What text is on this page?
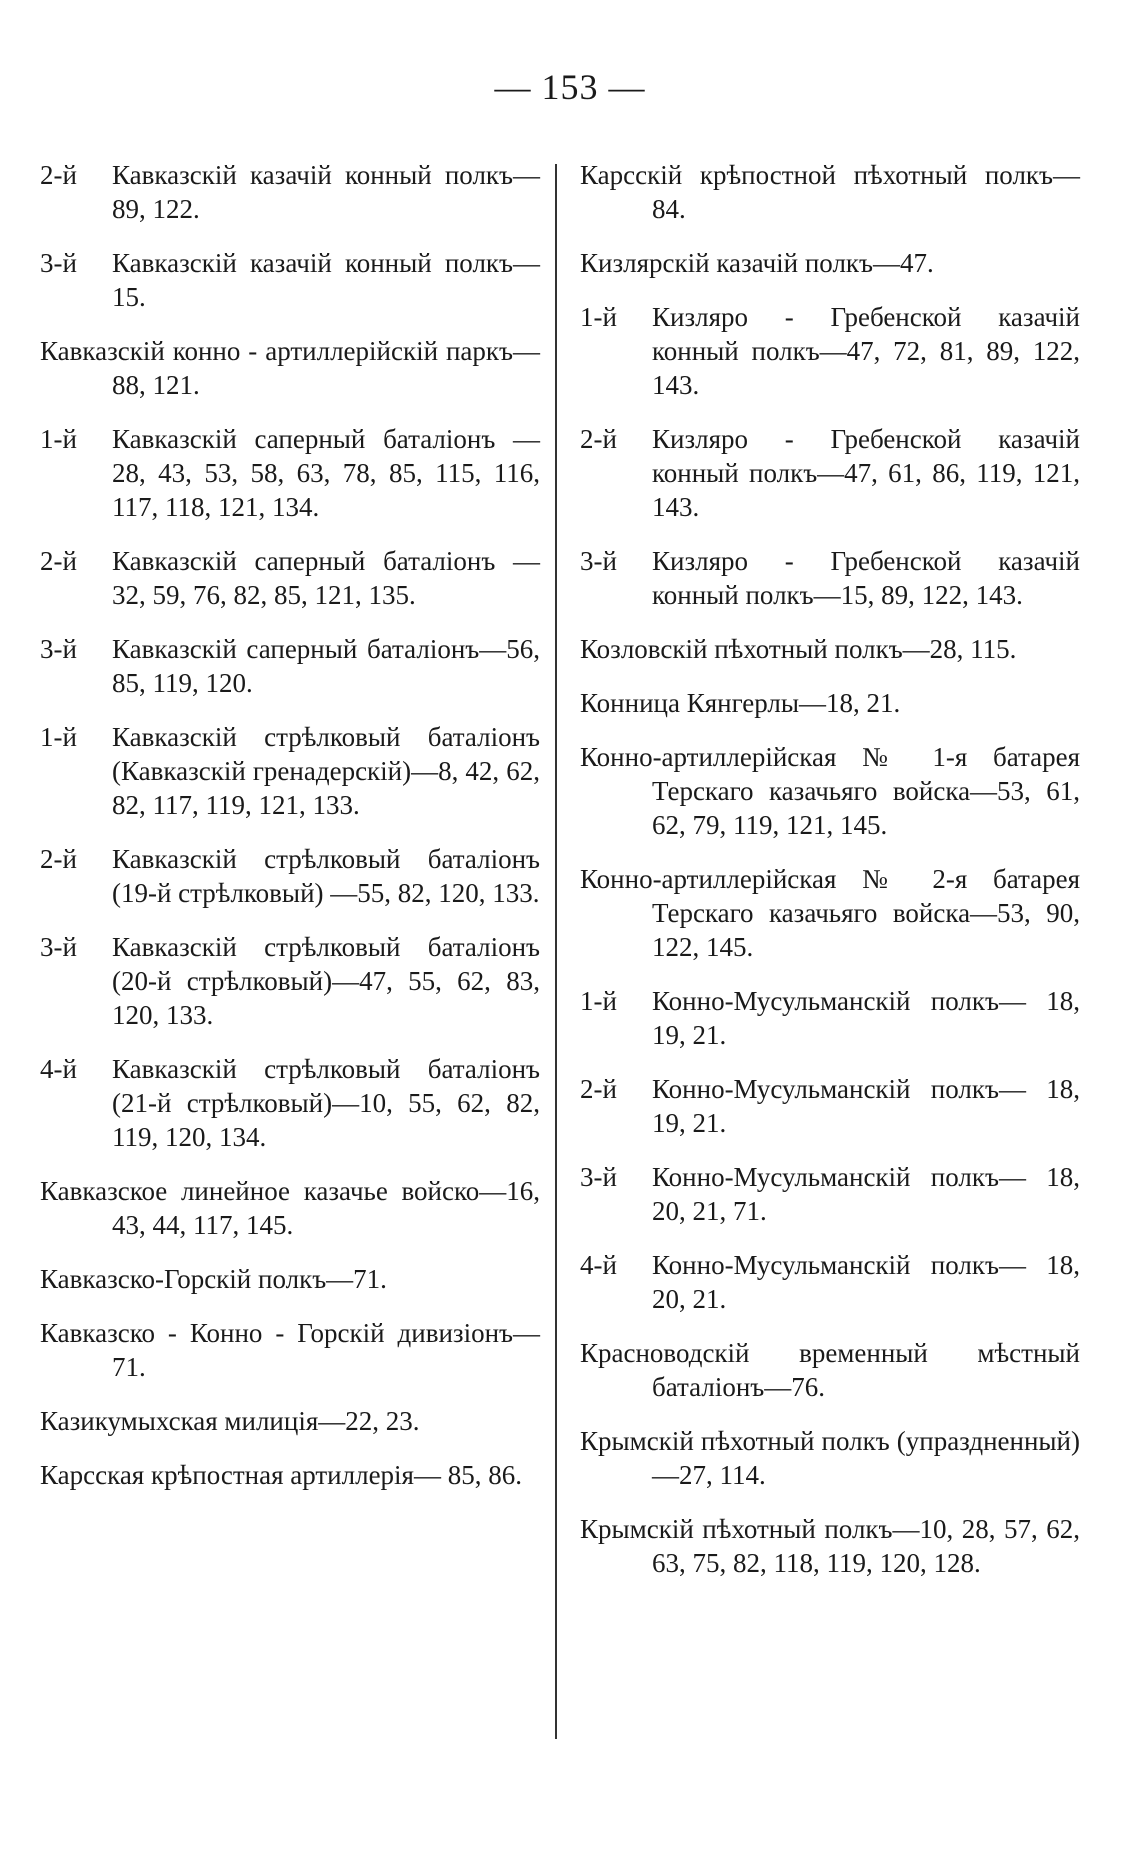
— 153 —
2-й Кавказскій казачій конный полкъ—89, 122.
3-й Кавказскій казачій конный полкъ—15.
Кавказскій конно - артиллерійскій паркъ—88, 121.
1-й Кавказскій саперный баталіонъ — 28, 43, 53, 58, 63, 78, 85, 115, 116, 117, 118, 121, 134.
2-й Кавказскій саперный баталіонъ — 32, 59, 76, 82, 85, 121, 135.
3-й Кавказскій саперный баталіонъ—56, 85, 119, 120.
1-й Кавказскій стрѣлковый баталіонъ (Кавказскій гренадерскій)—8, 42, 62, 82, 117, 119, 121, 133.
2-й Кавказскій стрѣлковый баталіонъ (19-й стрѣлковый) —55, 82, 120, 133.
3-й Кавказскій стрѣлковый баталіонъ (20-й стрѣлковый)—47, 55, 62, 83, 120, 133.
4-й Кавказскій стрѣлковый баталіонъ (21-й стрѣлковый)—10, 55, 62, 82, 119, 120, 134.
Кавказское линейное казачье войско—16, 43, 44, 117, 145.
Кавказско-Горскій полкъ—71.
Кавказско - Конно - Горскій дивизіонъ—71.
Казикумыхская милиція—22, 23.
Карсская крѣпостная артиллерія— 85, 86.
Карсскій крѣпостной пѣхотный полкъ—84.
Кизлярскій казачій полкъ—47.
1-й Кизляро - Гребенской казачій конный полкъ—47, 72, 81, 89, 122, 143.
2-й Кизляро - Гребенской казачій конный полкъ—47, 61, 86, 119, 121, 143.
3-й Кизляро - Гребенской казачій конный полкъ—15, 89, 122, 143.
Козловскій пѣхотный полкъ—28, 115.
Конница Кянгерлы—18, 21.
Конно-артиллерійская № 1-я батарея Терскаго казачьяго войска—53, 61, 62, 79, 119, 121, 145.
Конно-артиллерійская № 2-я батарея Терскаго казачьяго войска—53, 90, 122, 145.
1-й Конно-Мусульманскій полкъ— 18, 19, 21.
2-й Конно-Мусульманскій полкъ— 18, 19, 21.
3-й Конно-Мусульманскій полкъ— 18, 20, 21, 71.
4-й Конно-Мусульманскій полкъ— 18, 20, 21.
Красноводскій временный мѣстный баталіонъ—76.
Крымскій пѣхотный полкъ (упраздненный)—27, 114.
Крымскій пѣхотный полкъ—10, 28, 57, 62, 63, 75, 82, 118, 119, 120, 128.
